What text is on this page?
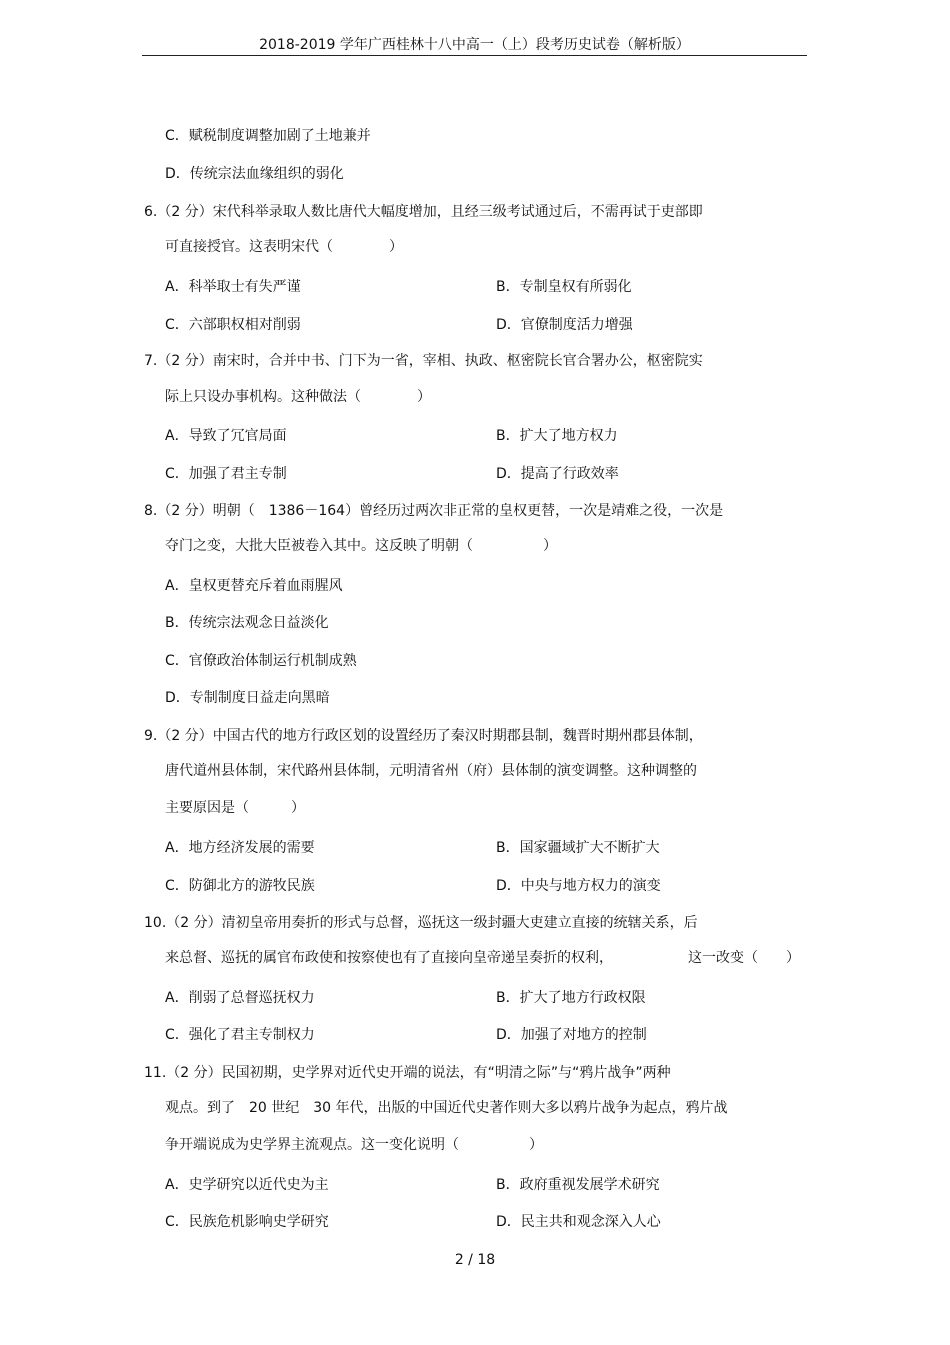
2018-2019 学年广西桂林十八中高一（上）段考历史试卷（解析版）
C．赋税制度调整加剧了土地兼并
D．传统宗法血缘组织的弱化
6.（2 分）宋代科举录取人数比唐代大幅度增加，且经三级考试通过后，不需再试于吏部即
可直接授官。这表明宋代（　　　　）
A．科举取士有失严谨	B．专制皇权有所弱化
C．六部职权相对削弱	D．官僚制度活力增强
7.（2 分）南宋时，合并中书、门下为一省，宰相、执政、枢密院长官合署办公，枢密院实
际上只设办事机构。这种做法（　　　　）
A．导致了冗官局面	B．扩大了地方权力
C．加强了君主专制	D．提高了行政效率
8.（2 分）明朝（　1386－164）曾经历过两次非正常的皇权更替，一次是靖难之役，一次是
夺门之变，大批大臣被卷入其中。这反映了明朝（　　　　　）
A．皇权更替充斥着血雨腥风
B．传统宗法观念日益淡化
C．官僚政治体制运行机制成熟
D．专制制度日益走向黑暗
9.（2 分）中国古代的地方行政区划的设置经历了秦汉时期郡县制，魏晋时期州郡县体制，
唐代道州县体制，宋代路州县体制，元明清省州（府）县体制的演变调整。这种调整的
主要原因是（　　　）
A．地方经济发展的需要	B．国家疆域扩大不断扩大
C．防御北方的游牧民族	D．中央与地方权力的演变
10.（2 分）清初皇帝用奏折的形式与总督，巡抚这一级封疆大吏建立直接的统辖关系，后
来总督、巡抚的属官布政使和按察使也有了直接向皇帝递呈奏折的权利，	这一改变（　　）
A．削弱了总督巡抚权力	B．扩大了地方行政权限
C．强化了君主专制权力	D．加强了对地方的控制
11.（2 分）民国初期，史学界对近代史开端的说法，有“明清之际”与“鸦片战争”两种
观点。到了　20 世纪　30 年代，出版的中国近代史著作则大多以鸦片战争为起点，鸦片战
争开端说成为史学界主流观点。这一变化说明（　　　　　）
A．史学研究以近代史为主	B．政府重视发展学术研究
C．民族危机影响史学研究	D．民主共和观念深入人心
2 / 18
